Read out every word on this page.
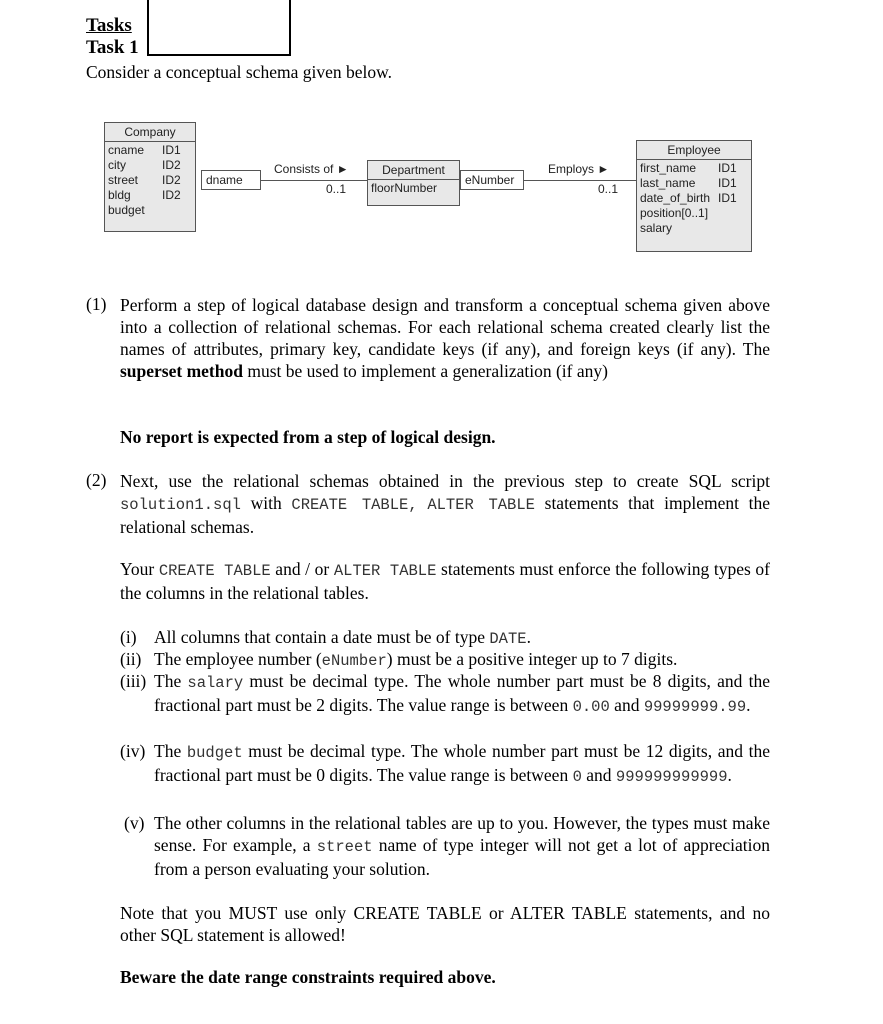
Tasks
Task 1
Consider a conceptual schema given below.
Company
cname	ID1
city	ID2
street	ID2
bldg	ID2
budget
dname
Consists of ►
0..1
Department
floorNumber
eNumber
Employs ►
0..1
Employee
first_name	ID1
last_name	ID1
date_of_birth ID1
position[0..1]
salary
(1) Perform a step of logical database design and transform a conceptual schema given above into a collection of relational schemas. For each relational schema created clearly list the names of attributes, primary key, candidate keys (if any), and foreign keys (if any). The superset method must be used to implement a generalization (if any)
No report is expected from a step of logical design.
(2) Next, use the relational schemas obtained in the previous step to create SQL script solution1.sql with CREATE TABLE, ALTER TABLE statements that implement the relational schemas.
Your CREATE TABLE and / or ALTER TABLE statements must enforce the following types of the columns in the relational tables.
(i) All columns that contain a date must be of type DATE.
(ii) The employee number (eNumber) must be a positive integer up to 7 digits.
(iii) The salary must be decimal type. The whole number part must be 8 digits, and the fractional part must be 2 digits. The value range is between 0.00 and 99999999.99.
(iv) The budget must be decimal type. The whole number part must be 12 digits, and the fractional part must be 0 digits. The value range is between 0 and 999999999999.
(v) The other columns in the relational tables are up to you. However, the types must make sense. For example, a street name of type integer will not get a lot of appreciation from a person evaluating your solution.
Note that you MUST use only CREATE TABLE or ALTER TABLE statements, and no other SQL statement is allowed!
Beware the date range constraints required above.
